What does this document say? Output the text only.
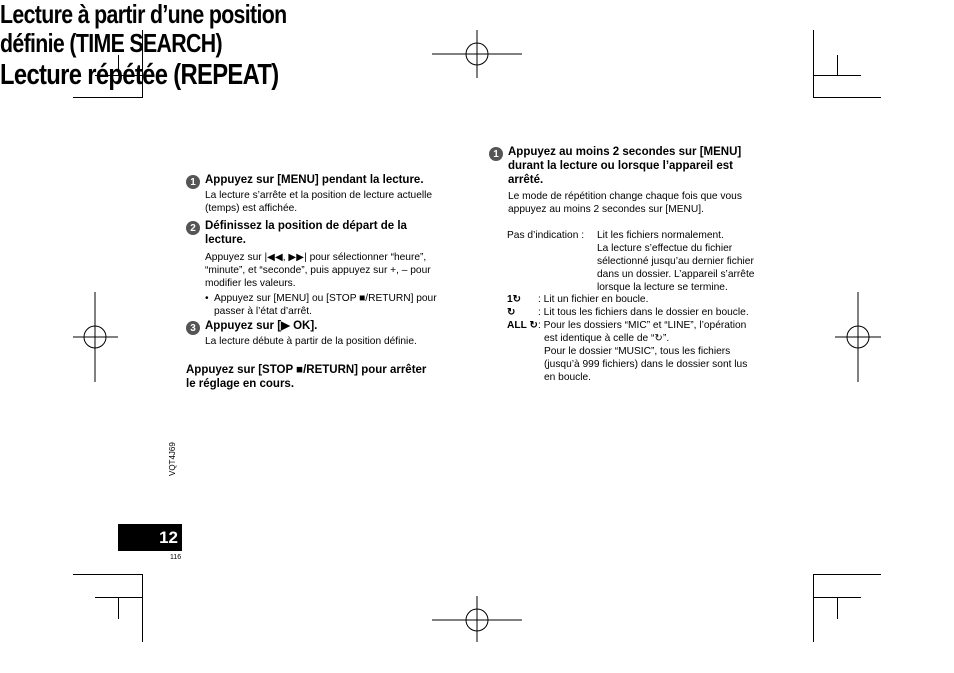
Lecture à partir d’une position
définie (TIME SEARCH)
1 Appuyez sur [MENU] pendant la lecture.
La lecture s’arrête et la position de lecture actuelle
(temps) est affichée.
2 Définissez la position de départ de la
lecture.
Appuyez sur |◀◀, ▶▶| pour sélectionner “heure”,
“minute”, et “seconde”, puis appuyez sur +, – pour
modifier les valeurs.
• Appuyez sur [MENU] ou [STOP ■/RETURN] pour
passer à l’état d’arrêt.
3 Appuyez sur [▶ OK].
La lecture débute à partir de la position définie.
Appuyez sur [STOP ■/RETURN] pour arrêter
le réglage en cours.
Lecture répétée (REPEAT)
1 Appuyez au moins 2 secondes sur [MENU]
durant la lecture ou lorsque l’appareil est
arrêté.
Le mode de répétition change chaque fois que vous
appuyez au moins 2 secondes sur [MENU].
Pas d’indication : Lit les fichiers normalement.
La lecture s’effectue du fichier
sélectionné jusqu’au dernier fichier
dans un dossier. L’appareil s’arrête
lorsque la lecture se termine.
1↻ : Lit un fichier en boucle.
↻ : Lit tous les fichiers dans le dossier en boucle.
ALL ↻ : Pour les dossiers “MIC” et “LINE”, l’opération
est identique à celle de “↻”.
Pour le dossier “MUSIC”, tous les fichiers
(jusqu’à 999 fichiers) dans le dossier sont lus
en boucle.
VQT4J69
12
116
